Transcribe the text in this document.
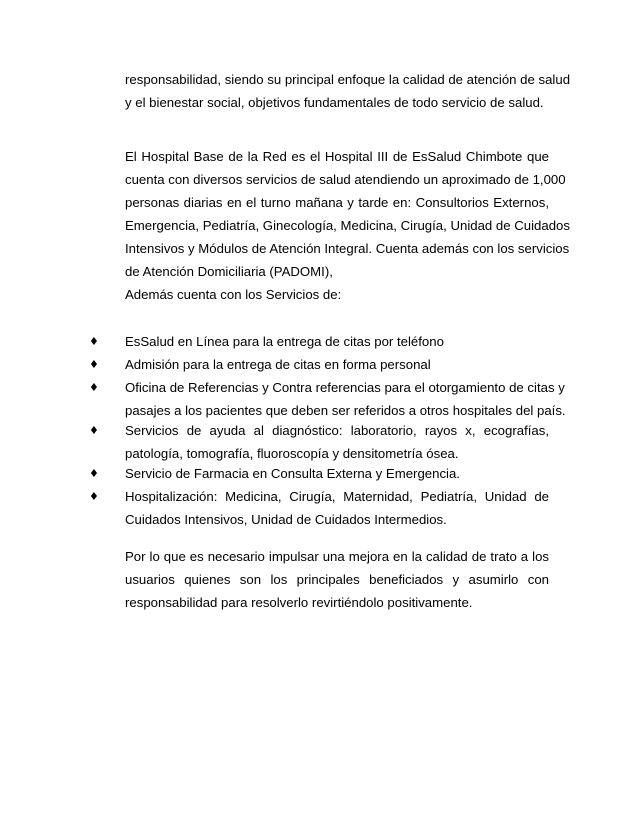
responsabilidad, siendo su principal enfoque la calidad de atención de salud
y el bienestar social, objetivos fundamentales de todo servicio de salud.
El Hospital Base de la Red es el Hospital III de EsSalud Chimbote que
cuenta con diversos servicios de salud atendiendo un aproximado de 1,000
personas diarias en el turno mañana y tarde en: Consultorios Externos,
Emergencia, Pediatría, Ginecología, Medicina, Cirugía, Unidad de Cuidados
Intensivos y Módulos de Atención Integral. Cuenta además con los servicios
de Atención Domiciliaria (PADOMI),
Además cuenta con los Servicios de:
♦ EsSalud en Línea para la entrega de citas por teléfono
♦ Admisión para la entrega de citas en forma personal
♦ Oficina de Referencias y Contra referencias para el otorgamiento de citas y
pasajes a los pacientes que deben ser referidos a otros hospitales del país.
♦ Servicios de ayuda al diagnóstico: laboratorio, rayos x, ecografías,
patología, tomografía, fluoroscopía y densitometría ósea.
♦ Servicio de Farmacia en Consulta Externa y Emergencia.
♦ Hospitalización: Medicina, Cirugía, Maternidad, Pediatría, Unidad de
Cuidados Intensivos, Unidad de Cuidados Intermedios.
Por lo que es necesario impulsar una mejora en la calidad de trato a los
usuarios quienes son los principales beneficiados y asumirlo con
responsabilidad para resolverlo revirtiéndolo positivamente.
